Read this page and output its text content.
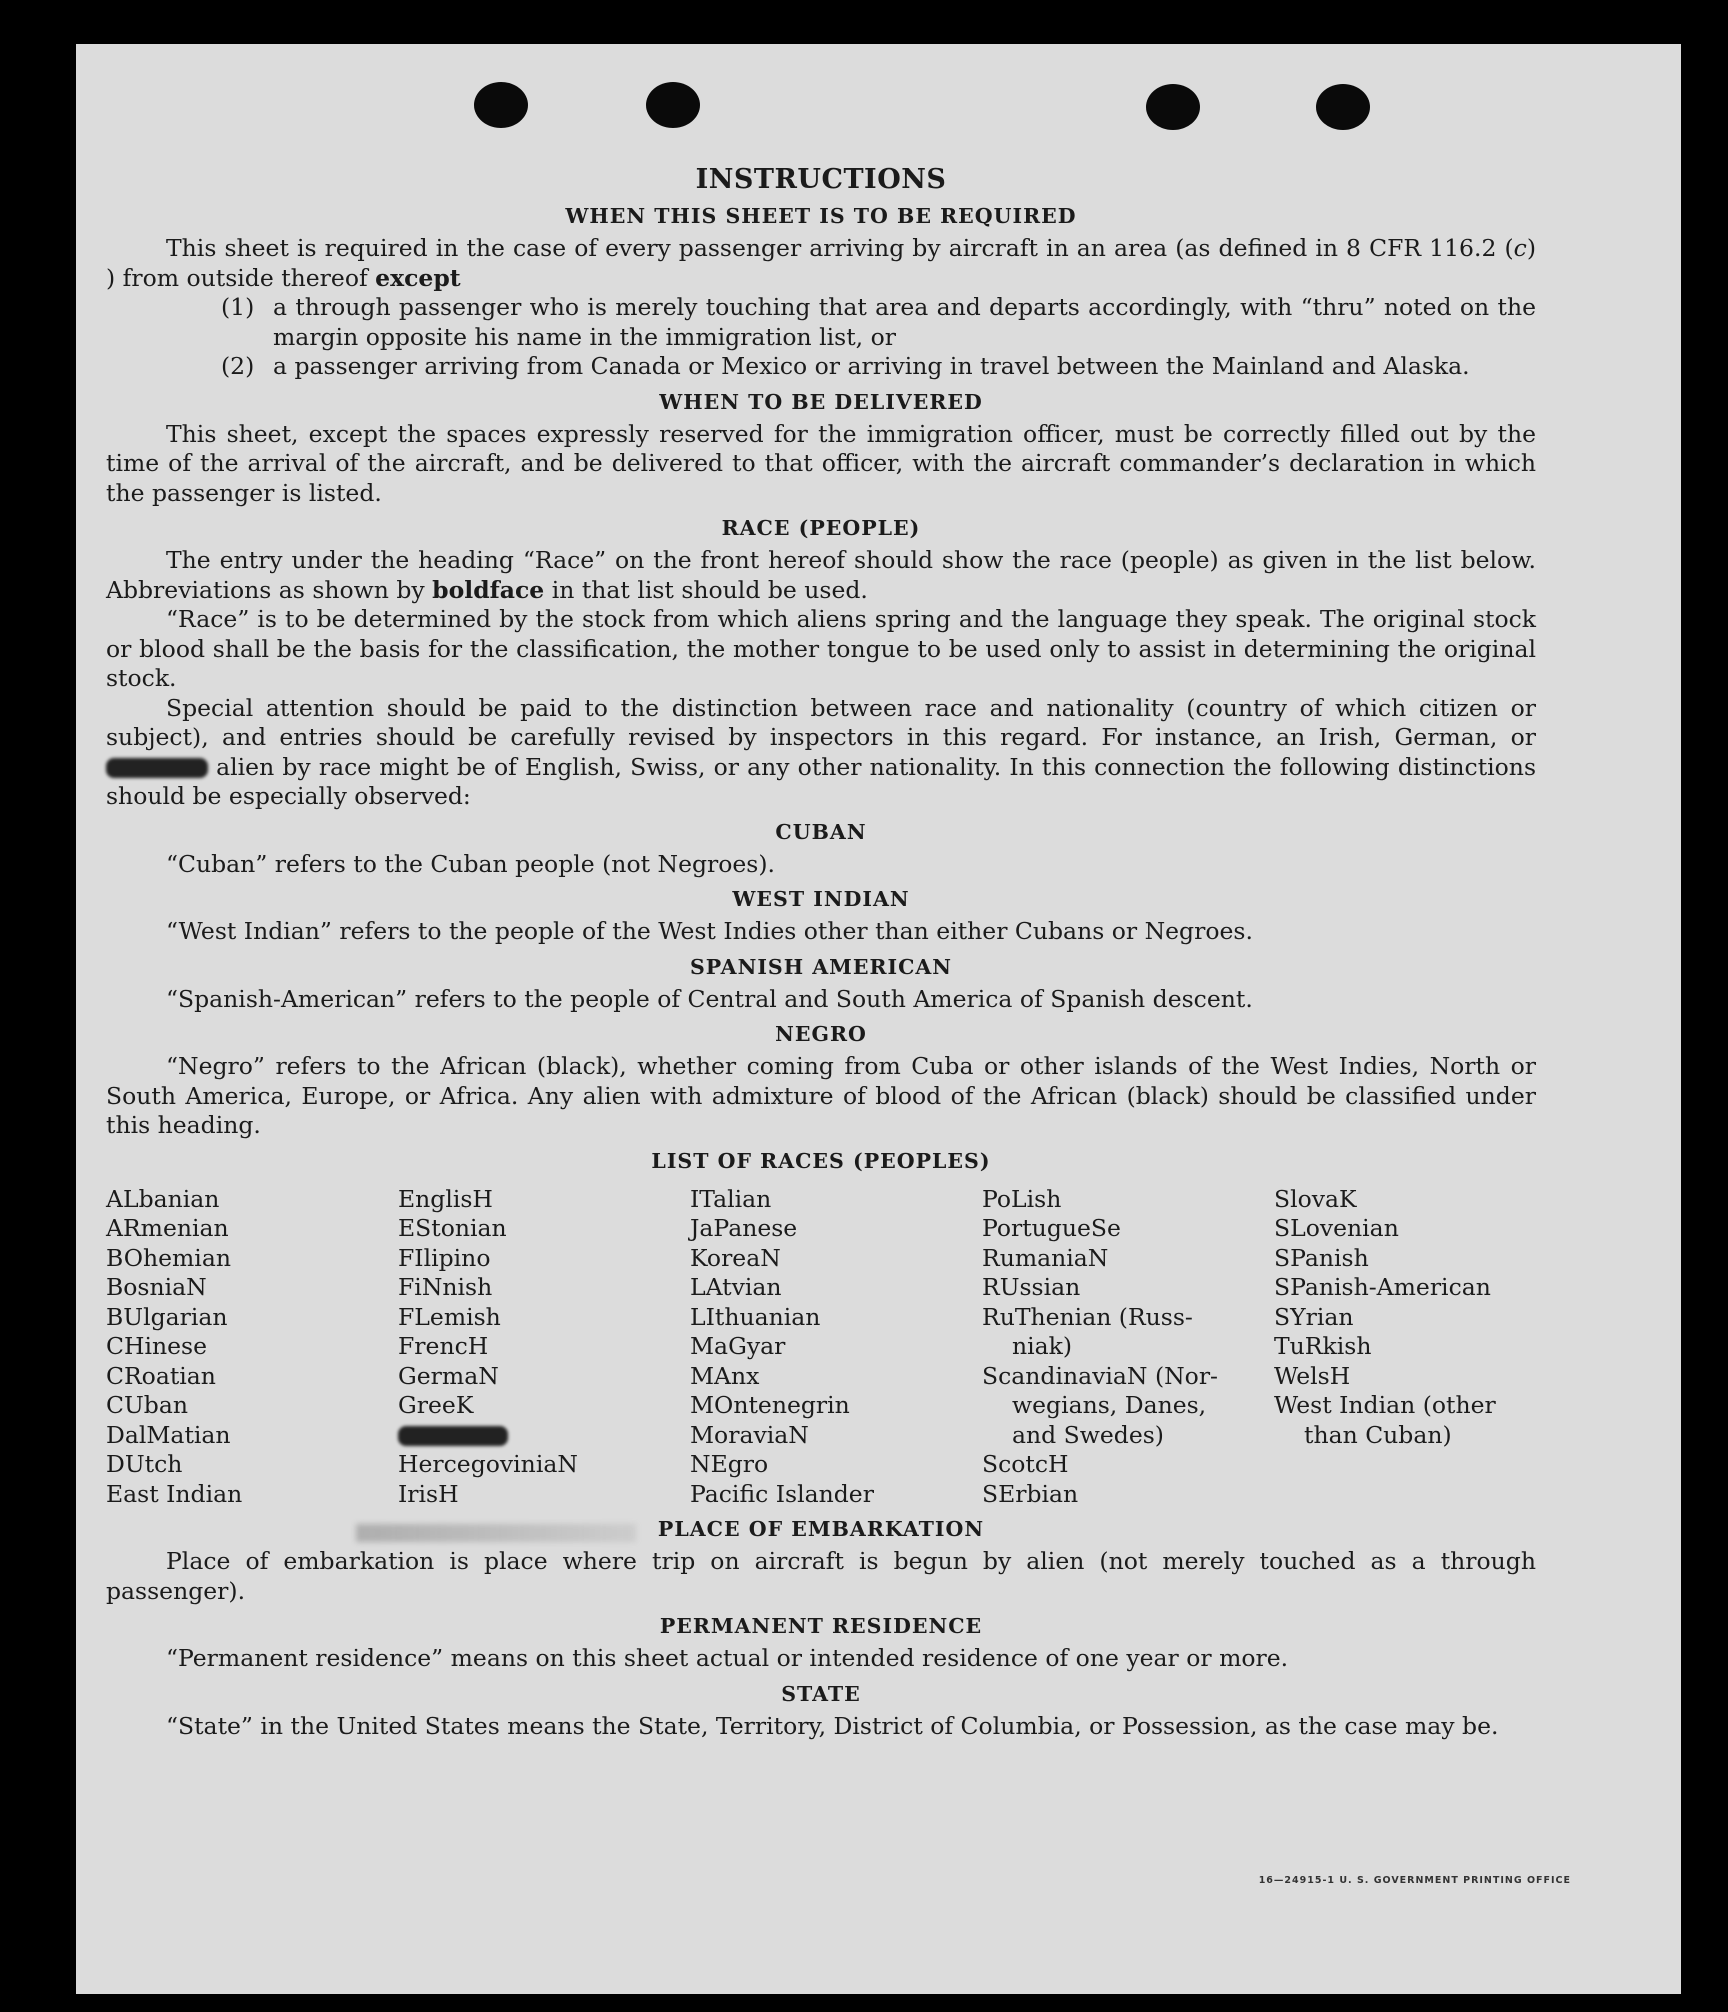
INSTRUCTIONS
WHEN THIS SHEET IS TO BE REQUIRED

This sheet is required in the case of every passenger arriving by aircraft in an area (as defined in 8 CFR 116.2 (c) ) from outside thereof except

(1) a through passenger who is merely touching that area and departs accordingly, with “thru” noted on the margin opposite his name in the immigration list, or
(2) a passenger arriving from Canada or Mexico or arriving in travel between the Mainland and Alaska.
WHEN TO BE DELIVERED

This sheet, except the spaces expressly reserved for the immigration officer, must be correctly filled out by the time of the arrival of the aircraft, and be delivered to that officer, with the aircraft commander’s declaration in which the passenger is listed.

RACE (PEOPLE)

The entry under the heading “Race” on the front hereof should show the race (people) as given in the list below. Abbreviations as shown by boldface in that list should be used.

“Race” is to be determined by the stock from which aliens spring and the language they speak. The original stock or blood shall be the basis for the classification, the mother tongue to be used only to assist in determining the original stock.

Special attention should be paid to the distinction between race and nationality (country of which citizen or subject), and entries should be carefully revised by inspectors in this regard. For instance, an Irish, German, or  alien by race might be of English, Swiss, or any other nationality. In this connection the following distinctions should be especially observed:

CUBAN

“Cuban” refers to the Cuban people (not Negroes).

WEST INDIAN

“West Indian” refers to the people of the West Indies other than either Cubans or Negroes.

SPANISH AMERICAN

“Spanish-American” refers to the people of Central and South America of Spanish descent.

NEGRO

“Negro” refers to the African (black), whether coming from Cuba or other islands of the West Indies, North or South America, Europe, or Africa. Any alien with admixture of blood of the African (black) should be classified under this heading.

LIST OF RACES (PEOPLES)
ALbanian
ARmenian
BOhemian
BosniaN
BUlgarian
CHinese
CRoatian
CUban
DalMatian
DUtch
East Indian
EnglisH
EStonian
FIlipino
FiNnish
FLemish
FrencH
GermaN
GreeK
HercegoviniaN
IrisH
ITalian
JaPanese
KoreaN
LAtvian
LIthuanian
MaGyar
MAnx
MOntenegrin
MoraviaN
NEgro
Pacific Islander
PoLish
PortugueSe
RumaniaN
RUssian
RuThenian (Russ-
niak)
ScandinaviaN (Nor-
wegians, Danes,
and Swedes)
ScotcH
SErbian
SlovaK
SLovenian
SPanish
SPanish-American
SYrian
TuRkish
WelsH
West Indian (other
than Cuban)
PLACE OF EMBARKATION

Place of embarkation is place where trip on aircraft is begun by alien (not merely touched as a through passenger).

PERMANENT RESIDENCE

“Permanent residence” means on this sheet actual or intended residence of one year or more.

STATE

“State” in the United States means the State, Territory, District of Columbia, or Possession, as the case may be.

16—24915-1 U. S. GOVERNMENT PRINTING OFFICE
